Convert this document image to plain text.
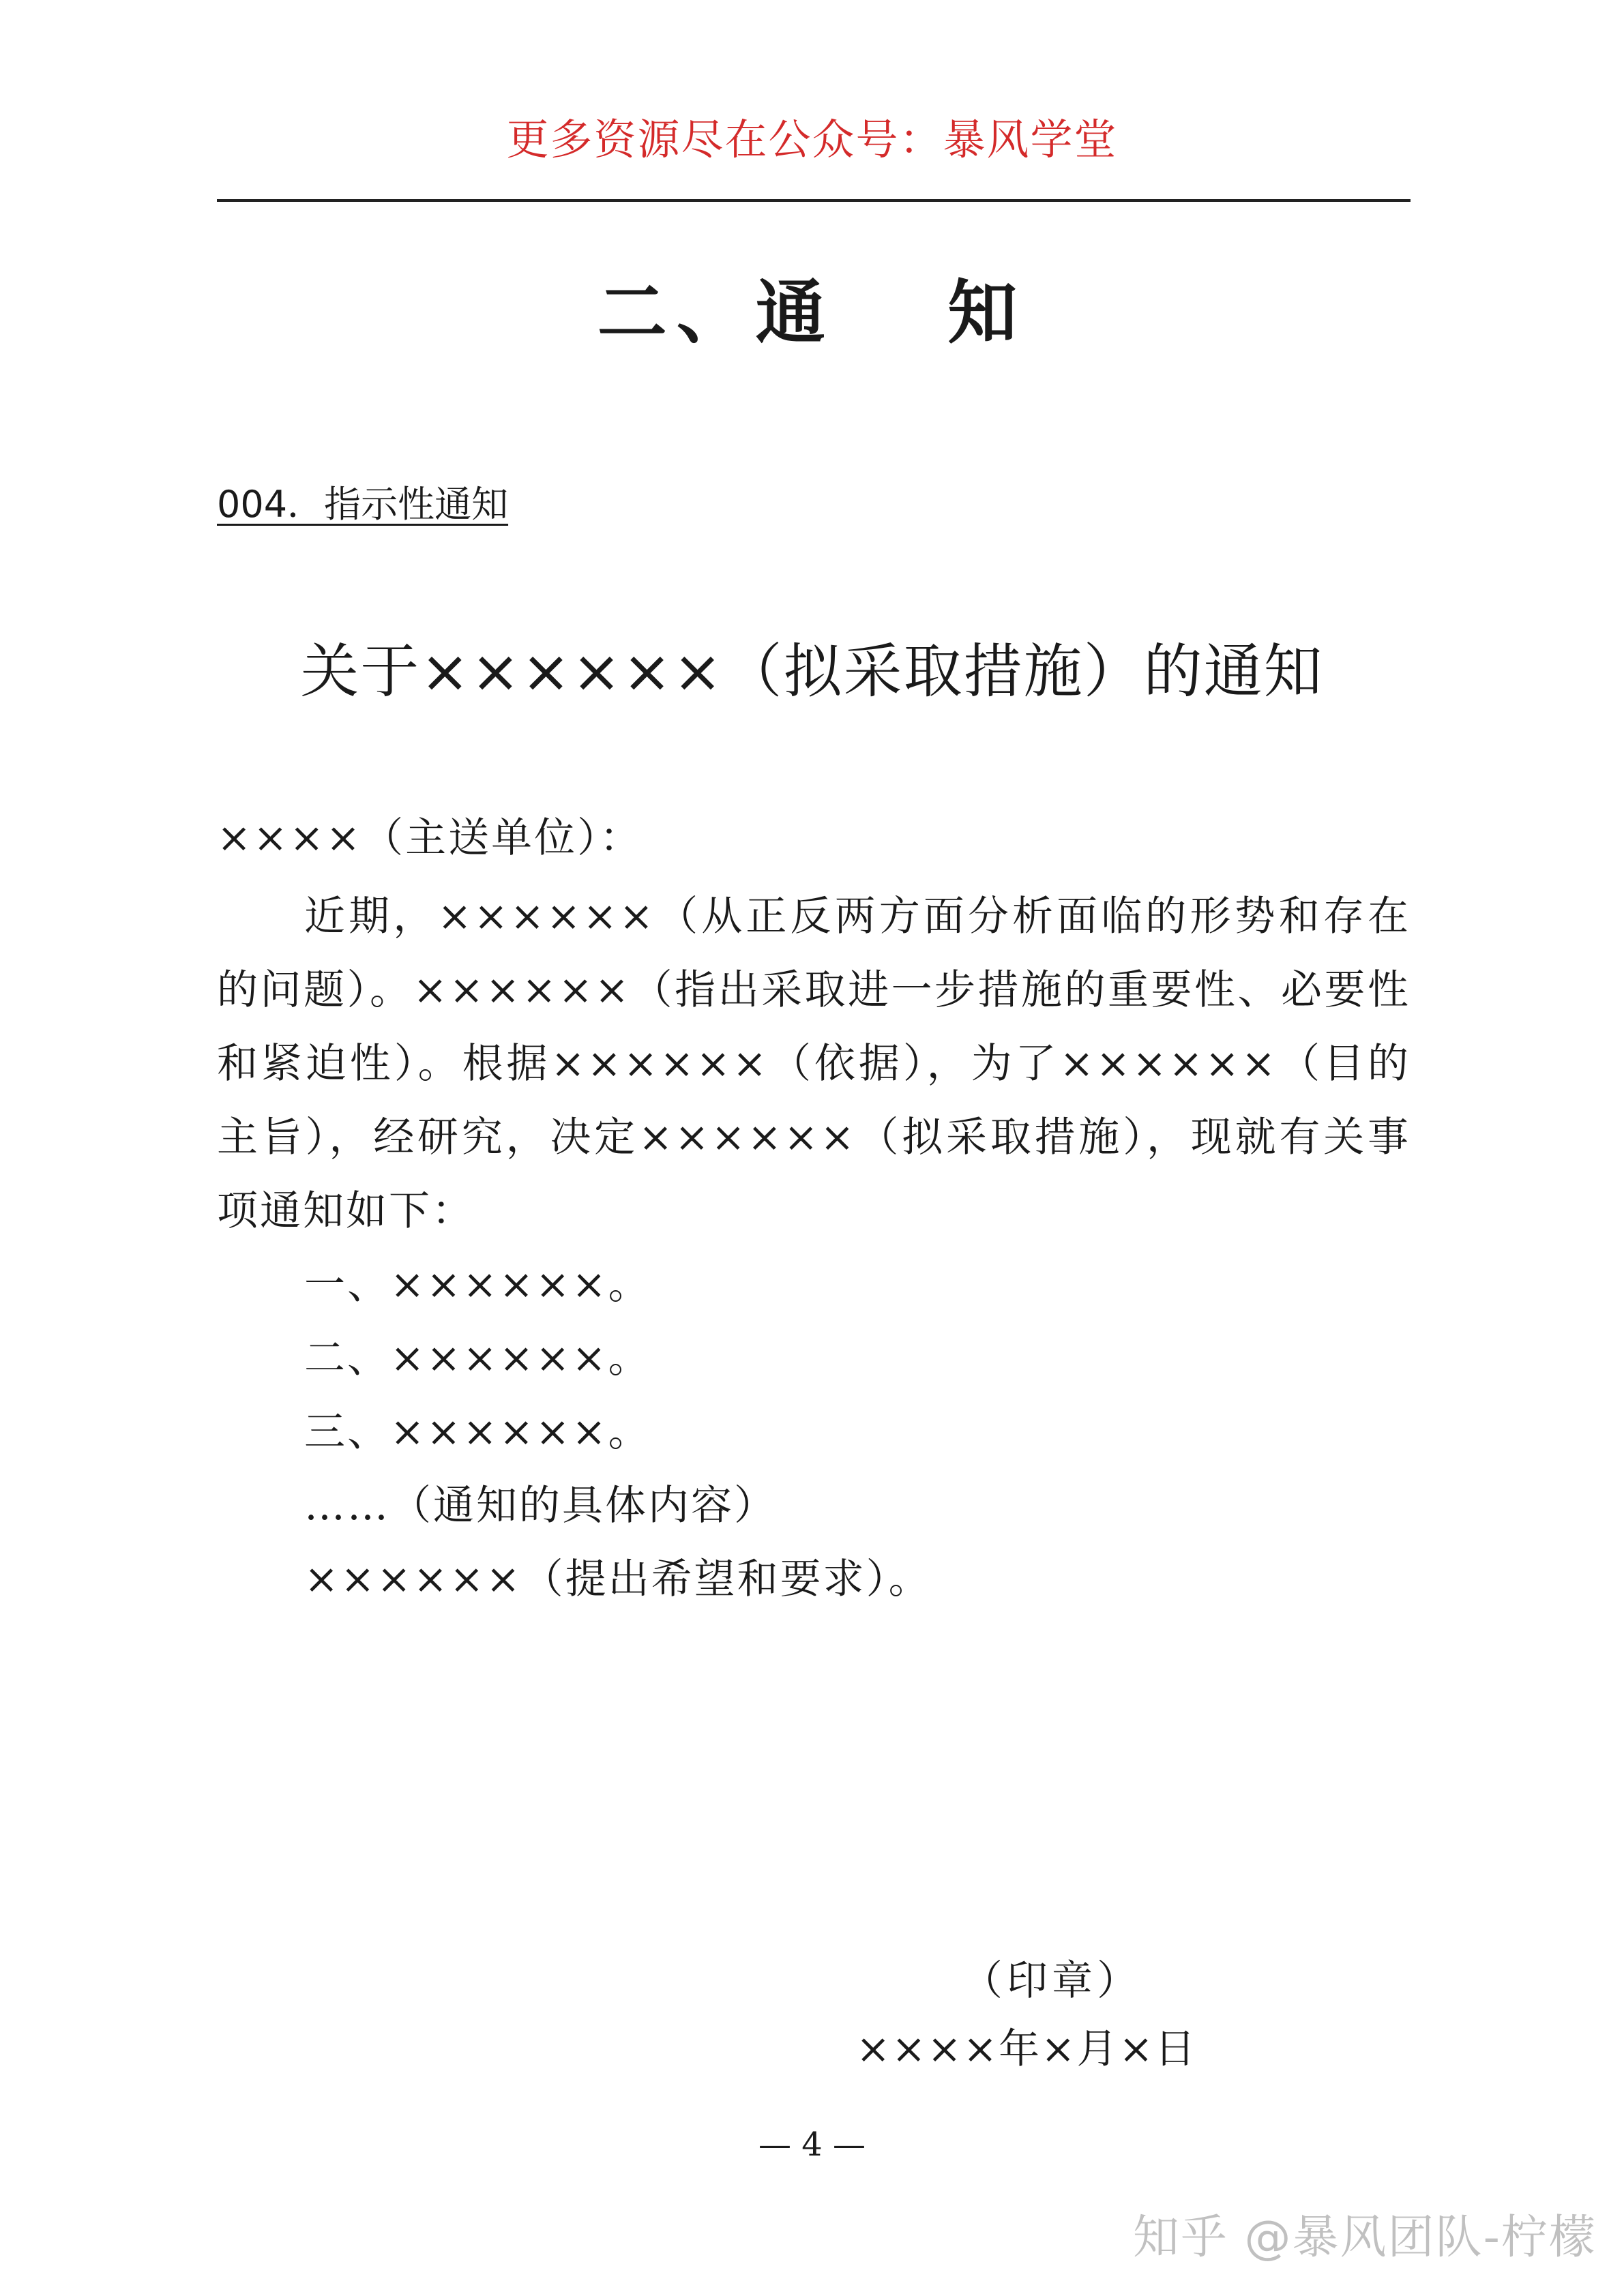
更多资源尽在公众号：暴风学堂
二、通　 知
004．指示性通知
关于××××××（拟采取措施）的通知
××××（主送单位）：
近期，××××××（从正反两方面分析面临的形势和存在的问题）。××××××（指出采取进一步措施的重要性、必要性和紧迫性）。根据××××××（依据），为了××××××（目的主旨），经研究，决定××××××（拟采取措施），现就有关事项通知如下：
一、××××××。
二、××××××。
三、××××××。
……（通知的具体内容）
××××××（提出希望和要求）。
（印章）
××××年×月×日
— 4 —
知乎 @暴风团队-柠檬
